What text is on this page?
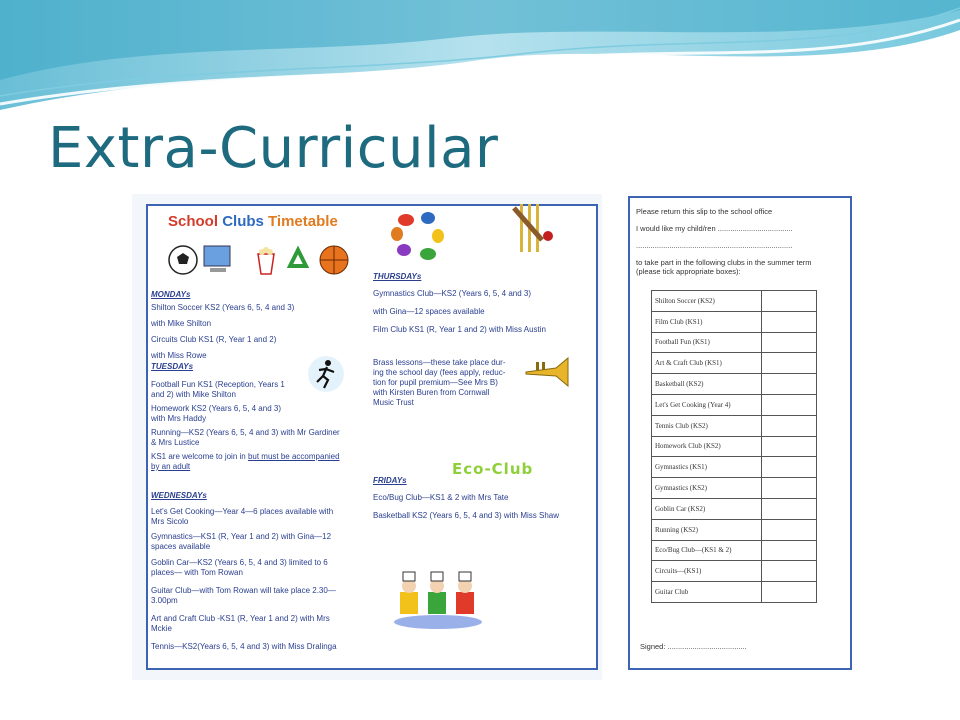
Extra-Curricular
School Clubs Timetable
MONDAYs
Shilton Soccer KS2 (Years 6, 5, 4 and 3)
with Mike Shilton
Circuits Club KS1 (R, Year 1 and 2)
with Miss Rowe
TUESDAYs
Football Fun KS1 (Reception, Years 1
and 2) with Mike Shilton
Homework KS2 (Years 6, 5, 4 and 3)
with Mrs Haddy
Running—KS2 (Years 6, 5, 4 and 3) with Mr Gardiner
& Mrs Lustice
KS1 are welcome to join in but must be accompanied
by an adult
WEDNESDAYs
Let's Get Cooking—Year 4—6 places available with
Mrs Sicolo
Gymnastics—KS1 (R, Year 1 and 2) with Gina—12
spaces available
Goblin Car—KS2 (Years 6, 5, 4 and 3) limited to 6
places— with Tom Rowan
Guitar Club—with Tom Rowan will take place 2.30—
3.00pm
Art and Craft Club -KS1 (R, Year 1 and 2) with Mrs
Mckie
Tennis—KS2(Years 6, 5, 4 and 3) with Miss Dralinga
THURSDAYs
Gymnastics Club—KS2 (Years 6, 5, 4 and 3)
with Gina—12 spaces available
Film Club KS1 (R, Year 1 and 2) with Miss Austin
Brass lessons—these take place dur-
ing the school day (fees apply, reduc-
tion for pupil premium—See Mrs B)
with Kirsten Buren from Cornwall
Music Trust
Eco-Club
FRIDAYs
Eco/Bug Club—KS1 & 2 with Mrs Tate
Basketball KS2 (Years 6, 5, 4 and 3) with Miss Shaw
Please return this slip to the school office
I would like my child/ren ....................................
...........................................................................
to take part in the following clubs in the summer term
(please tick appropriate boxes):
Shilton Soccer (KS2)	
Film Club (KS1)	
Football Fun (KS1)	
Art & Craft Club (KS1)	
Basketball (KS2)	
Let's Get Cooking (Year 4)	
Tennis Club (KS2)	
Homework Club (KS2)	
Gymnastics (KS1)	
Gymnastics (KS2)	
Goblin Car (KS2)	
Running (KS2)	
Eco/Bug Club—(KS1 & 2)	
Circuits—(KS1)	
Guitar Club	
Signed: ......................................
